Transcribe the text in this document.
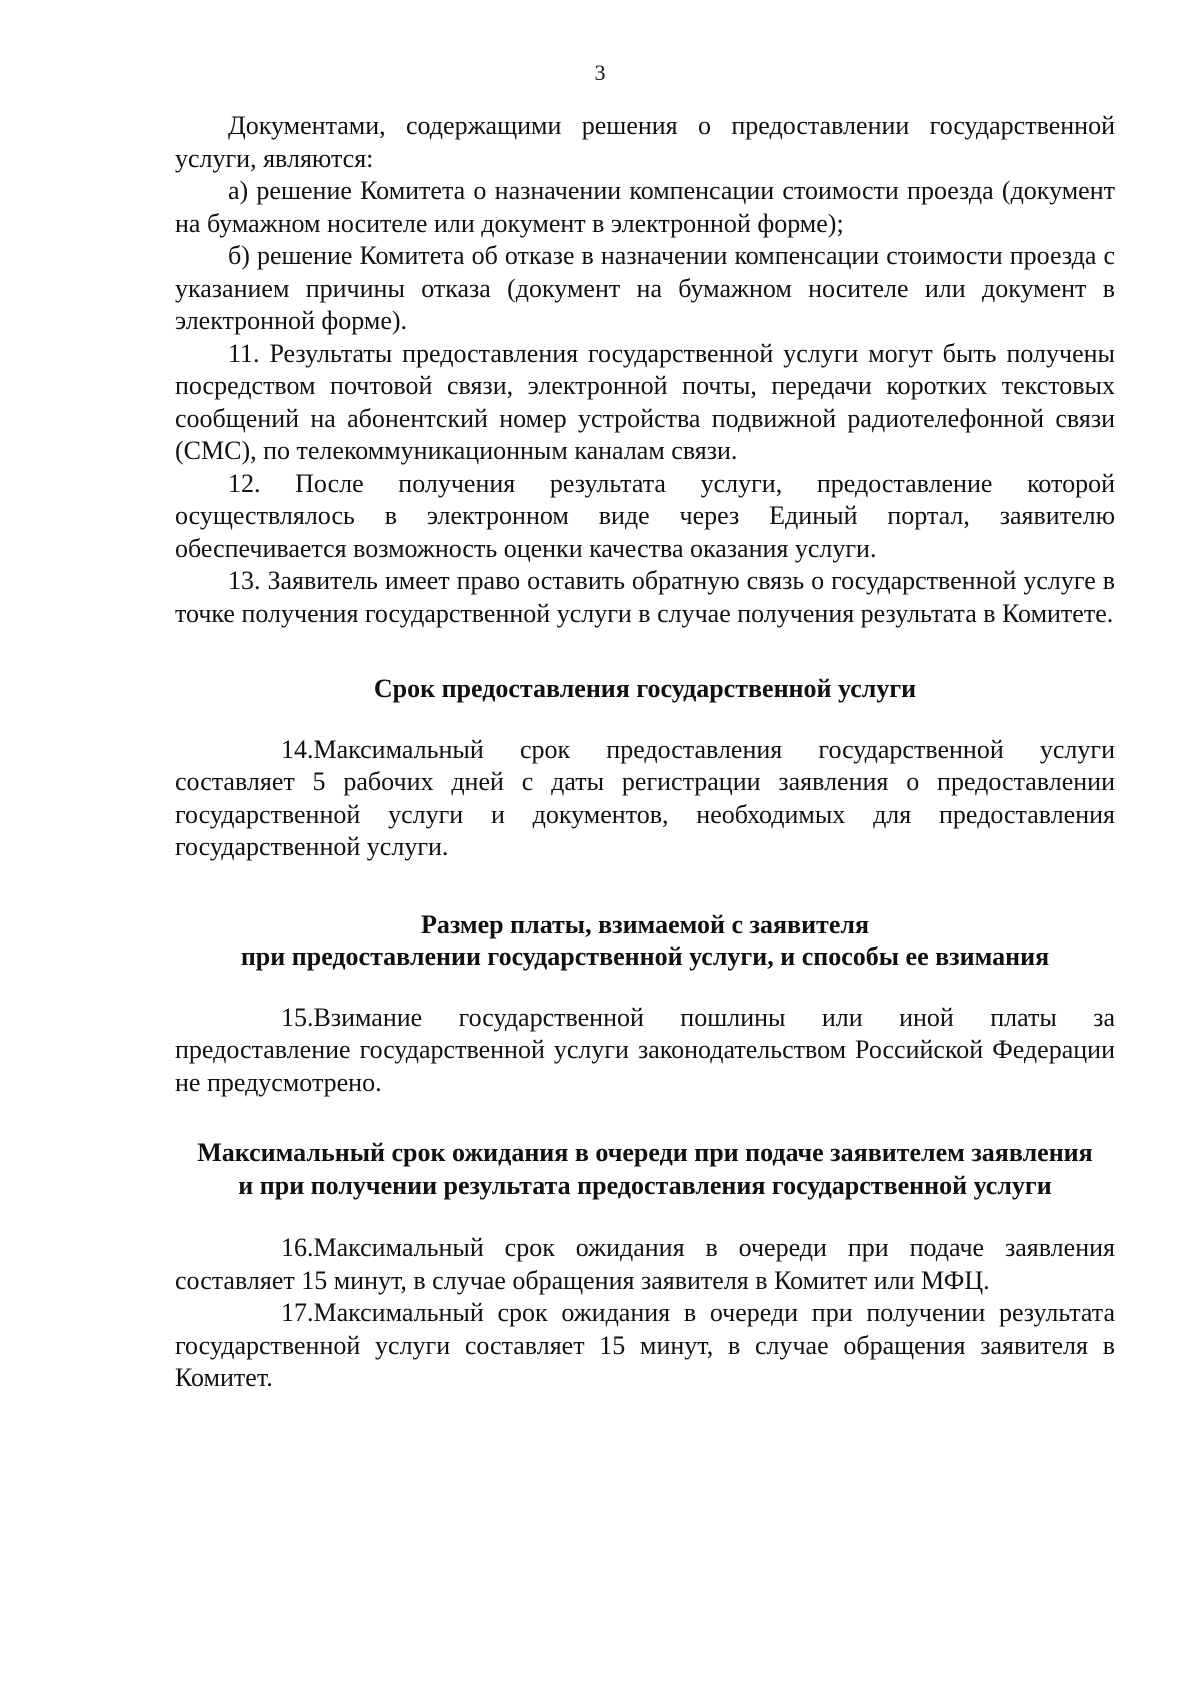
3

Документами, содержащими решения о предоставлении государственной услуги, являются:

а) решение Комитета о назначении компенсации стоимости проезда (документ на бумажном носителе или документ в электронной форме);

б) решение Комитета об отказе в назначении компенсации стоимости проезда с указанием причины отказа (документ на бумажном носителе или документ в электронной форме).

11. Результаты предоставления государственной услуги могут быть получены посредством почтовой связи, электронной почты, передачи коротких текстовых сообщений на абонентский номер устройства подвижной радиотелефонной связи (СМС), по телекоммуникационным каналам связи.

12. После получения результата услуги, предоставление которой осуществлялось в электронном виде через Единый портал, заявителю обеспечивается возможность оценки качества оказания услуги.

13. Заявитель имеет право оставить обратную связь о государственной услуге в точке получения государственной услуги в случае получения результата в Комитете.

Срок предоставления государственной услуги

14.Максимальный срок предоставления государственной услуги составляет 5 рабочих дней с даты регистрации заявления о предоставлении государственной услуги и документов, необходимых для предоставления государственной услуги.

Размер платы, взимаемой с заявителя

при предоставлении государственной услуги, и способы ее взимания

15.Взимание государственной пошлины или иной платы за предоставление государственной услуги законодательством Российской Федерации не предусмотрено.

Максимальный срок ожидания в очереди при подаче заявителем заявления и при получении результата предоставления государственной услуги

16.Максимальный срок ожидания в очереди при подаче заявления составляет 15 минут, в случае обращения заявителя в Комитет или МФЦ.

17.Максимальный срок ожидания в очереди при получении результата государственной услуги составляет 15 минут, в случае обращения заявителя в Комитет.
